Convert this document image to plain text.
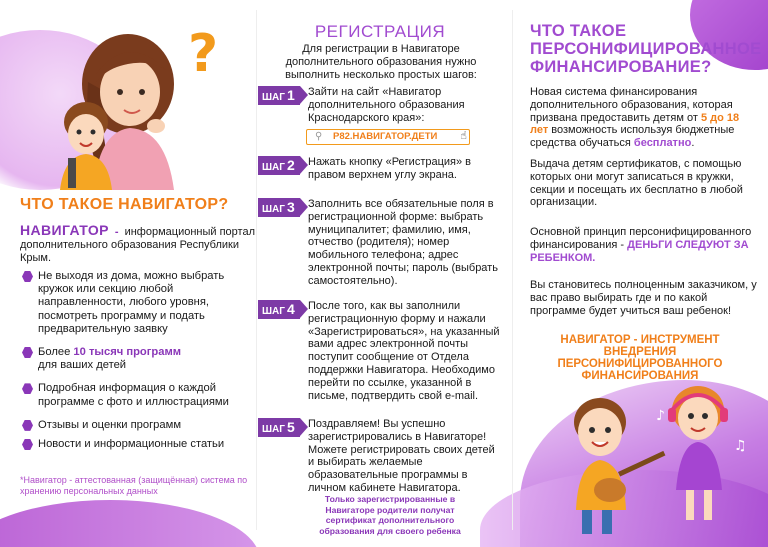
?
ЧТО ТАКОЕ НАВИГАТОР?
НАВИГАТОР - информационный портал дополнительного образования Республики Крым.
Не выходя из дома, можно выбрать кружок или секцию любой направленности, любого уровня, посмотреть программу и подать предварительную заявку
Более 10 тысяч программ
для ваших детей
Подробная информация о каждой программе с фото и иллюстрациями
Отзывы и оценки программ
Новости и информационные статьи
*Навигатор - аттестованная (защищённая) система по хранению персональных данных
РЕГИСТРАЦИЯ
Для регистрации в Навигаторе дополнительного образования нужно выполнить несколько простых шагов:
ШАГ 1	Зайти на сайт «Навигатор дополнительного образования Краснодарского края»:
⚲ Р82.НАВИГАТОР.ДЕТИ ☝
ШАГ 2	Нажать кнопку «Регистрация» в правом верхнем углу экрана.
ШАГ 3	Заполнить все обязательные поля в регистрационной форме: выбрать муниципалитет; фамилию, имя, отчество (родителя); номер мобильного телефона; адрес электронной почты; пароль (выбрать самостоятельно).
ШАГ 4	После того, как вы заполнили регистрационную форму и нажали «Зарегистрироваться», на указанный вами адрес электронной почты поступит сообщение от Отдела поддержки Навигатора. Необходимо перейти по ссылке, указанной в письме, подтвердить свой e-mail.
ШАГ 5	Поздравляем! Вы успешно зарегистрировались в Навигаторе! Можете регистрировать своих детей и выбирать желаемые образовательные программы в личном кабинете Навигатора.
Только зарегистрированные в Навигаторе родители получат сертификат дополнительного образования для своего ребенка
ЧТО ТАКОЕ ПЕРСОНИФИЦИРОВАННОЕ ФИНАНСИРОВАНИЕ?
Новая система финансирования дополнительного образования, которая призвана предоставить детям от 5 до 18 лет возможность используя бюджетные средства обучаться бесплатно.
Выдача детям сертификатов, с помощью которых они могут записаться в кружки, секции и посещать их бесплатно в любой организации.
Основной принцип персонифицированного финансирования - ДЕНЬГИ СЛЕДУЮТ ЗА РЕБЕНКОМ.
Вы становитесь полноценным заказчиком, у вас право выбирать где и по какой программе будет учиться ваш ребенок!
НАВИГАТОР - ИНСТРУМЕНТ ВНЕДРЕНИЯ ПЕРСОНИФИЦИРОВАННОГО ФИНАНСИРОВАНИЯ
♪
♫
